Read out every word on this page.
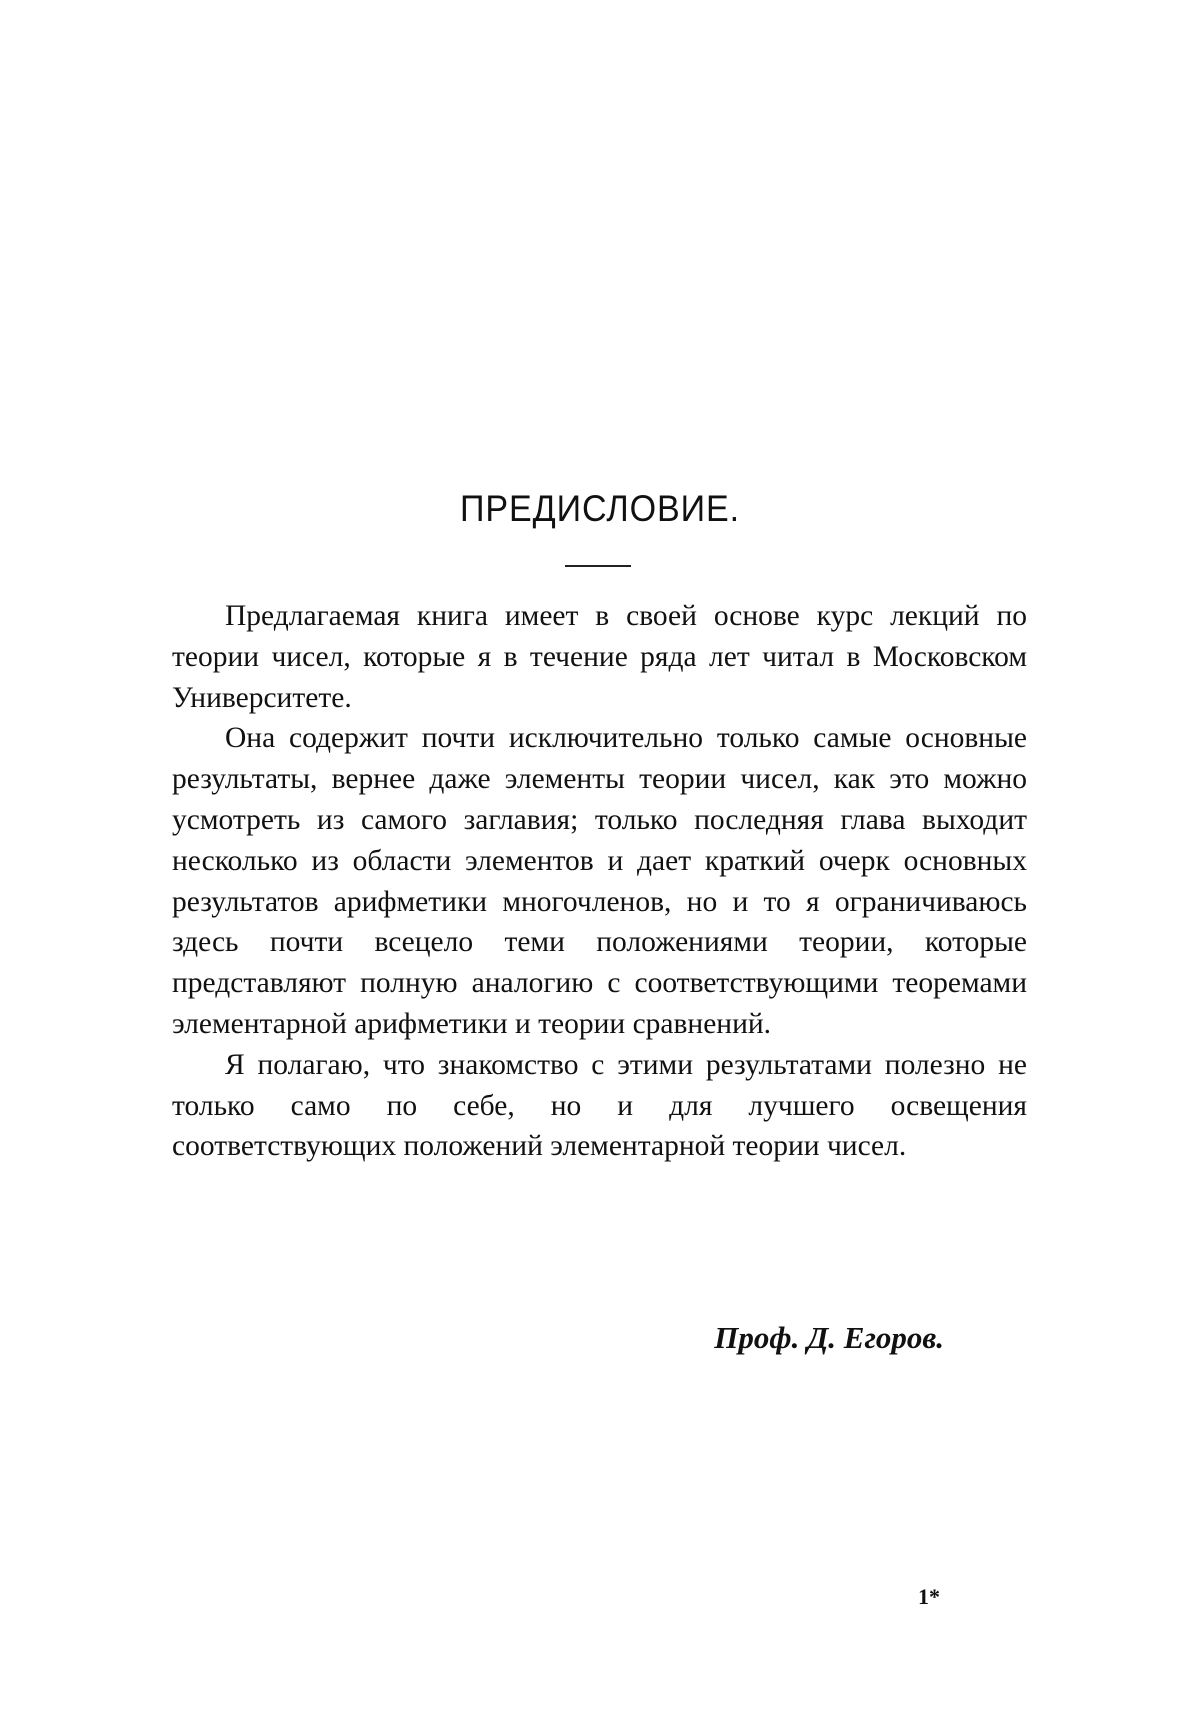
ПРЕДИСЛОВИЕ.

Предлагаемая книга имеет в своей основе курс лекций по теории чисел, которые я в течение ряда лет читал в Московском Университете.

Она содержит почти исключительно только самые основные результаты, вернее даже элементы теории чисел, как это можно усмотреть из самого заглавия; только последняя глава выходит несколько из области элементов и дает краткий очерк основных результатов арифметики многочленов, но и то я ограничиваюсь здесь почти всецело теми положениями теории, которые представляют полную аналогию с соответствующими теоремами элементарной арифметики и теории сравнений.

Я полагаю, что знакомство с этими результатами полезно не только само по себе, но и для лучшего освещения соответствующих положений элементарной теории чисел.

Проф. Д. Егоров.
1*
